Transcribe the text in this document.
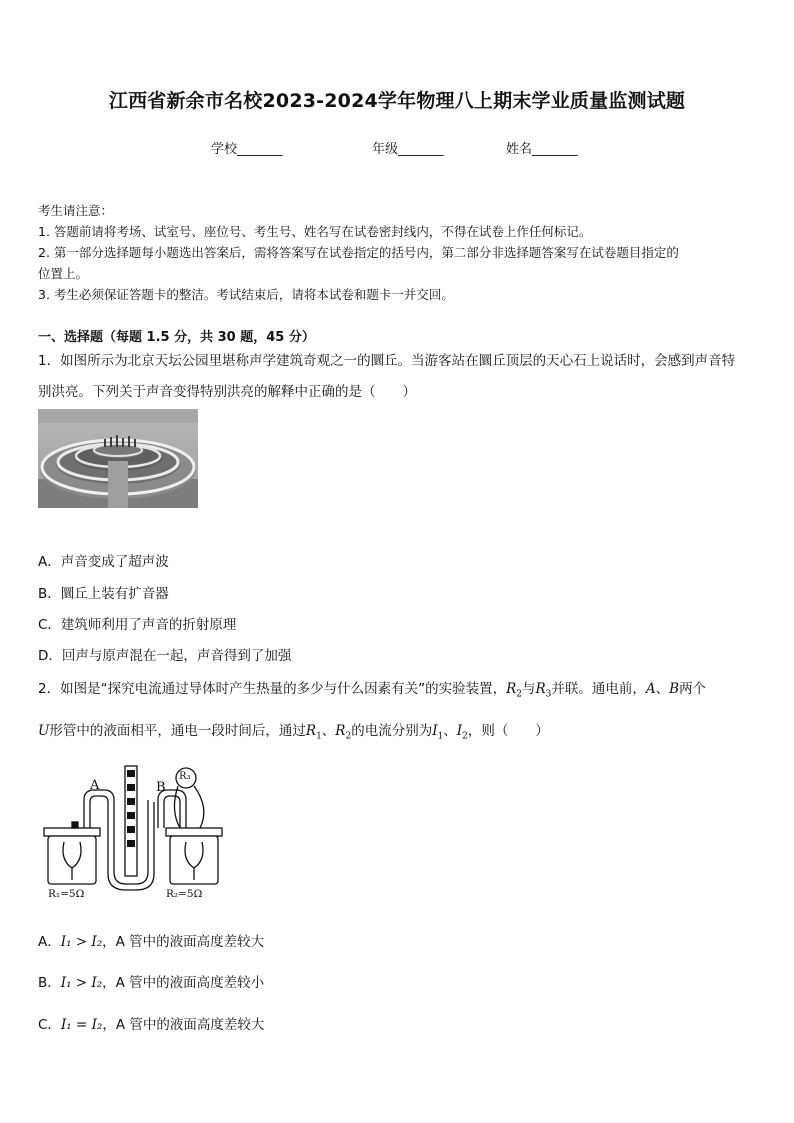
江西省新余市名校2023-2024学年物理八上期末学业质量监测试题
学校_______	年级_______	姓名_______
考生请注意：
1. 答题前请将考场、试室号、座位号、考生号、姓名写在试卷密封线内，不得在试卷上作任何标记。
2. 第一部分选择题每小题选出答案后，需将答案写在试卷指定的括号内，第二部分非选择题答案写在试卷题目指定的
位置上。
3. 考生必须保证答题卡的整洁。考试结束后，请将本试卷和题卡一并交回。
一、选择题（每题 1.5 分，共 30 题，45 分）
1．如图所示为北京天坛公园里堪称声学建筑奇观之一的圜丘。当游客站在圜丘顶层的天心石上说话时，会感到声音特
别洪亮。下列关于声音变得特别洪亮的解释中正确的是（　　）
A．声音变成了超声波
B．圜丘上装有扩音器
C．建筑师利用了声音的折射原理
D．回声与原声混在一起，声音得到了加强
2．如图是“探究电流通过导体时产生热量的多少与什么因素有关”的实验装置，$R_2$与$R_3$并联。通电前，A、B两个
U形管中的液面相平，通电一段时间后，通过$R_1$、$R_2$的电流分别为$I_1$、$I_2$，则（　　）
A	B
R₃
R₁=5Ω	R₂=5Ω
A．I₁ > I₂，A 管中的液面高度差较大
B．I₁ > I₂，A 管中的液面高度差较小
C．I₁ = I₂，A 管中的液面高度差较大
